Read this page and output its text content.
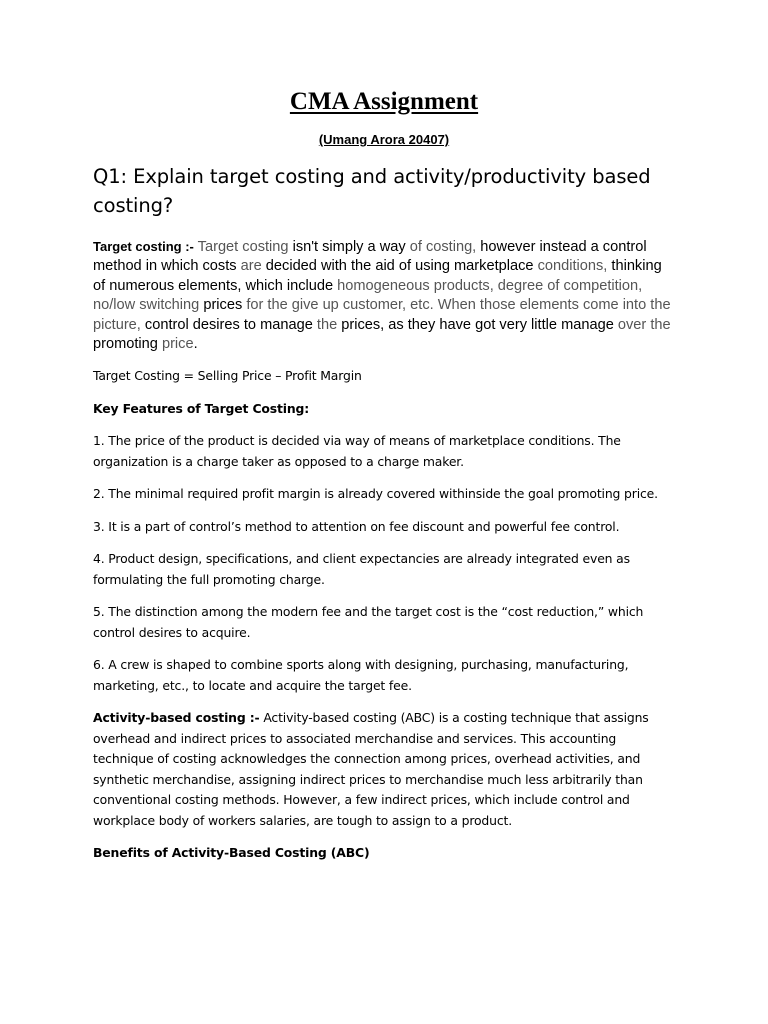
CMA Assignment

(Umang Arora 20407)

Q1: Explain target costing and activity/productivity based costing?

Target costing :- Target costing isn't simply a way of costing, however instead a control method in which costs are decided with the aid of using marketplace conditions, thinking of numerous elements, which include homogeneous products, degree of competition, no/low switching prices for the give up customer, etc. When those elements come into the picture, control desires to manage the prices, as they have got very little manage over the promoting price.

Target Costing = Selling Price – Profit Margin

Key Features of Target Costing:

1. The price of the product is decided via way of means of marketplace conditions. The organization is a charge taker as opposed to a charge maker.

2. The minimal required profit margin is already covered withinside the goal promoting price.

3. It is a part of control’s method to attention on fee discount and powerful fee control.

4. Product design, specifications, and client expectancies are already integrated even as formulating the full promoting charge.

5. The distinction among the modern fee and the target cost is the “cost reduction,” which control desires to acquire.

6. A crew is shaped to combine sports along with designing, purchasing, manufacturing, marketing, etc., to locate and acquire the target fee.

Activity-based costing :- Activity-based costing (ABC) is a costing technique that assigns overhead and indirect prices to associated merchandise and services. This accounting technique of costing acknowledges the connection among prices, overhead activities, and synthetic merchandise, assigning indirect prices to merchandise much less arbitrarily than conventional costing methods. However, a few indirect prices, which include control and workplace body of workers salaries, are tough to assign to a product.

Benefits of Activity-Based Costing (ABC)
